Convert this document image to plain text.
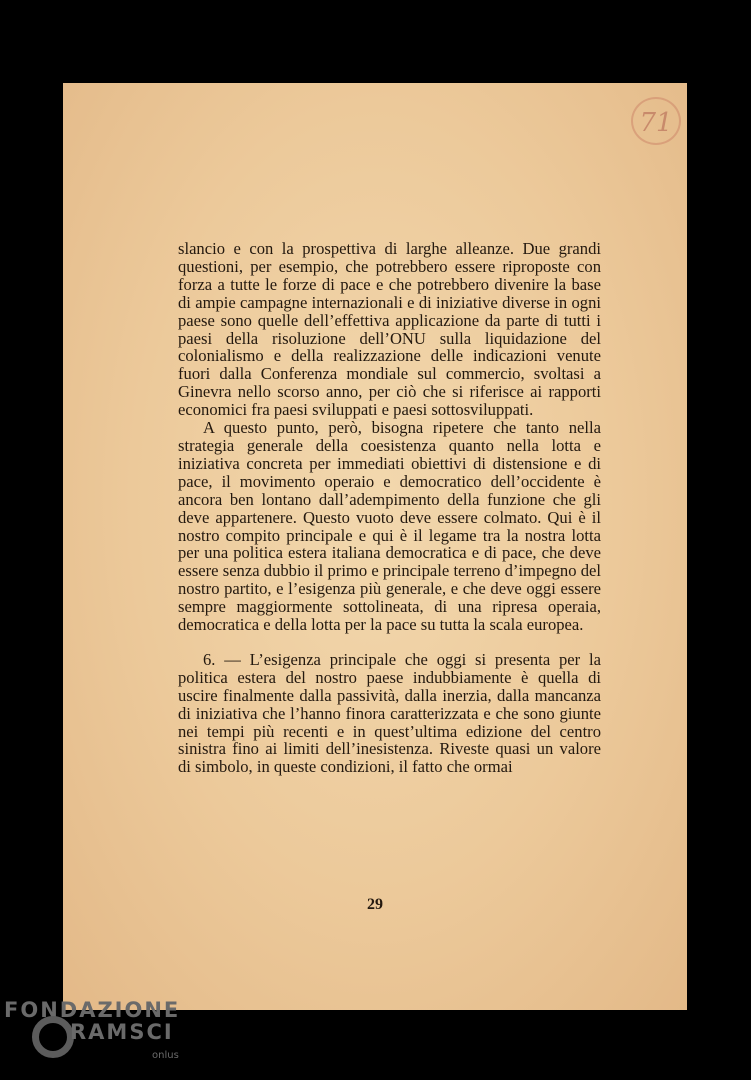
71

slancio e con la prospettiva di larghe alleanze. Due grandi questioni, per esempio, che potrebbero essere riproposte con forza a tutte le forze di pace e che potrebbero divenire la base di ampie campagne internazionali e di iniziative diverse in ogni paese sono quelle dell’effettiva applicazione da parte di tutti i paesi della risoluzione dell’ONU sulla liquidazione del colonialismo e della realizzazione delle indicazioni venute fuori dalla Conferenza mondiale sul commercio, svoltasi a Ginevra nello scorso anno, per ciò che si riferisce ai rapporti economici fra paesi sviluppati e paesi sottosviluppati.

A questo punto, però, bisogna ripetere che tanto nella strategia generale della coesistenza quanto nella lotta e iniziativa concreta per immediati obiettivi di distensione e di pace, il movimento operaio e democratico dell’occidente è ancora ben lontano dall’adempimento della funzione che gli deve appartenere. Questo vuoto deve essere colmato. Qui è il nostro compito principale e qui è il legame tra la nostra lotta per una politica estera italiana democratica e di pace, che deve essere senza dubbio il primo e principale terreno d’impegno del nostro partito, e l’esigenza più generale, e che deve oggi essere sempre maggiormente sottolineata, di una ripresa operaia, democratica e della lotta per la pace su tutta la scala europea.

6. — L’esigenza principale che oggi si presenta per la politica estera del nostro paese indubbiamente è quella di uscire finalmente dalla passività, dalla inerzia, dalla mancanza di iniziativa che l’hanno finora caratterizzata e che sono giunte nei tempi più recenti e in quest’ultima edizione del centro sinistra fino ai limiti dell’inesistenza. Riveste quasi un valore di simbolo, in queste condizioni, il fatto che ormai

29
FONDAZIONE
RAMSCI
onlus
